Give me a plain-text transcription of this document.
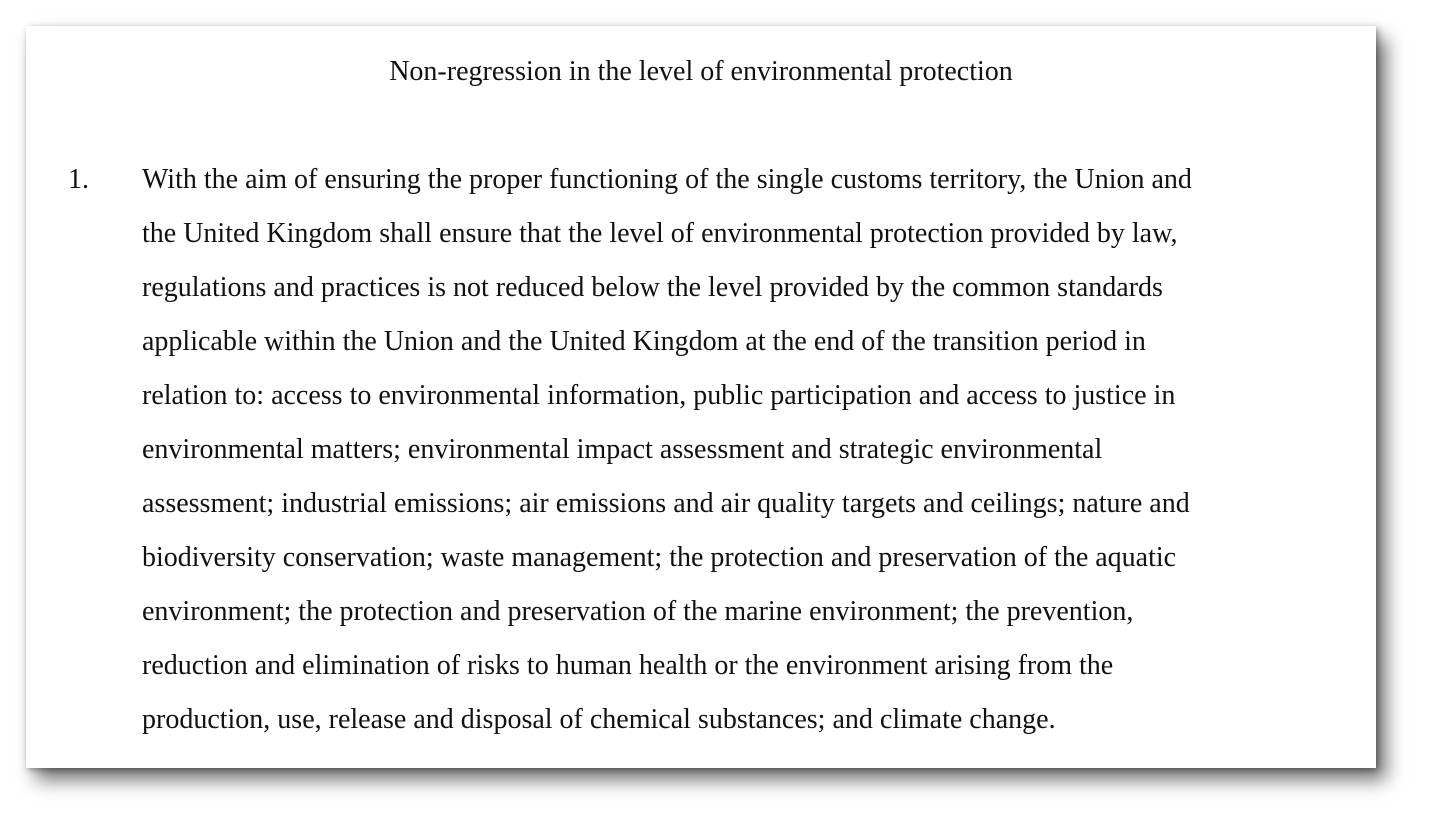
Non-regression in the level of environmental protection
1. With the aim of ensuring the proper functioning of the single customs territory, the Union and
the United Kingdom shall ensure that the level of environmental protection provided by law,
regulations and practices is not reduced below the level provided by the common standards
applicable within the Union and the United Kingdom at the end of the transition period in
relation to: access to environmental information, public participation and access to justice in
environmental matters; environmental impact assessment and strategic environmental
assessment; industrial emissions; air emissions and air quality targets and ceilings; nature and
biodiversity conservation; waste management; the protection and preservation of the aquatic
environment; the protection and preservation of the marine environment; the prevention,
reduction and elimination of risks to human health or the environment arising from the
production, use, release and disposal of chemical substances; and climate change.
